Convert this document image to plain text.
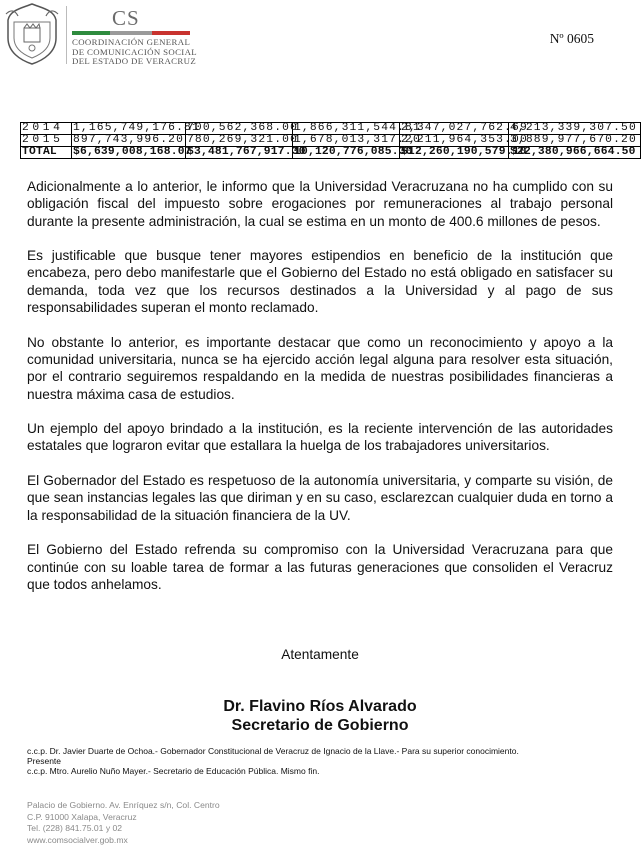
CS
COORDINACIÓN GENERAL
DE COMUNICACIÓN SOCIAL
DEL ESTADO DE VERACRUZ
Nº 0605
2014	1,165,749,176.81	700,562,368.00	1,866,311,544.81	2,347,027,762.69	4,213,339,307.50
2015	897,743,996.20	780,269,321.00	1,678,013,317.20	2,211,964,353.00	3,889,977,670.20
TOTAL	$6,639,008,168.07	$3,481,767,917.30	10,120,776,085.30	$12,260,190,579.10	$22,380,966,664.50

Adicionalmente a lo anterior, le informo que la Universidad Veracruzana no ha cumplido con su obligación fiscal del impuesto sobre erogaciones por remuneraciones al trabajo personal durante la presente administración, la cual se estima en un monto de 400.6 millones de pesos.

Es justificable que busque tener mayores estipendios en beneficio de la institución que encabeza, pero debo manifestarle que el Gobierno del Estado no está obligado en satisfacer su demanda, toda vez que los recursos destinados a la Universidad y al pago de sus responsabilidades superan el monto reclamado.

No obstante lo anterior, es importante destacar que como un reconocimiento y apoyo a la comunidad universitaria, nunca se ha ejercido acción legal alguna para resolver esta situación, por el contrario seguiremos respaldando en la medida de nuestras posibilidades financieras a nuestra máxima casa de estudios.

Un ejemplo del apoyo brindado a la institución, es la reciente intervención de las autoridades estatales que lograron evitar que estallara la huelga de los trabajadores universitarios.

El Gobernador del Estado es respetuoso de la autonomía universitaria, y comparte su visión, de que sean instancias legales las que diriman y en su caso, esclarezcan cualquier duda en torno a la responsabilidad de la situación financiera de la UV.

El Gobierno del Estado refrenda su compromiso con la Universidad Veracruzana para que continúe con su loable tarea de formar a las futuras generaciones que consoliden el Veracruz que todos anhelamos.

Atentamente
Dr. Flavino Ríos Alvarado
Secretario de Gobierno
c.c.p. Dr. Javier Duarte de Ochoa.- Gobernador Constitucional de Veracruz de Ignacio de la Llave.- Para su superior conocimiento.
Presente
c.c.p. Mtro. Aurelio Nuño Mayer.- Secretario de Educación Pública. Mismo fin.
Palacio de Gobierno. Av. Enríquez s/n, Col. Centro
C.P. 91000 Xalapa, Veracruz
Tel. (228) 841.75.01 y 02
www.comsocialver.gob.mx
